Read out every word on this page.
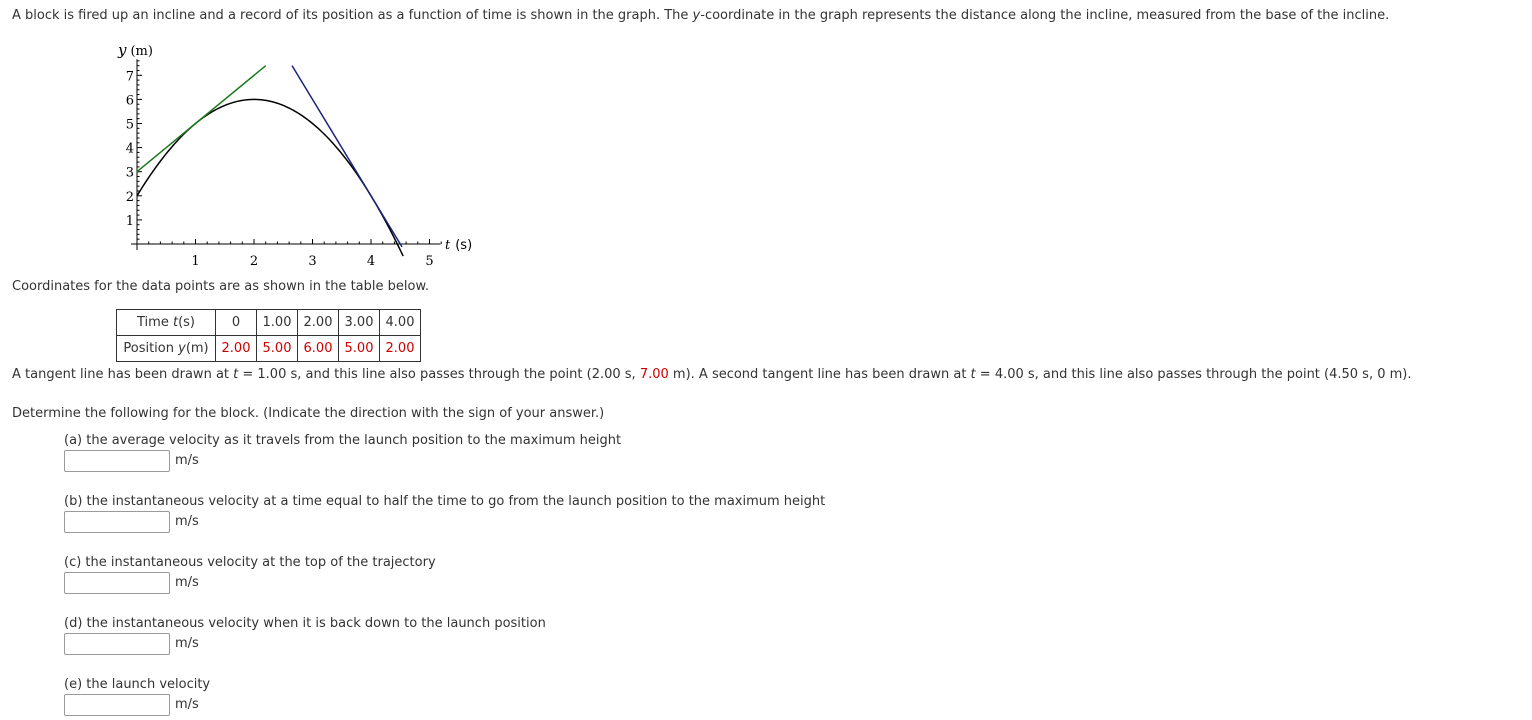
A block is fired up an incline and a record of its position as a function of time is shown in the graph. The y-coordinate in the graph represents the distance along the incline, measured from the base of the incline.
1	2	3	4	5
1
2
3
4
5
6
7
y (m)
t (s)
Coordinates for the data points are as shown in the table below.
Time t(s)	0	1.00	2.00	3.00	4.00
Position y(m)	2.00	5.00	6.00	5.00	2.00
A tangent line has been drawn at t = 1.00 s, and this line also passes through the point (2.00 s, 7.00 m). A second tangent line has been drawn at t = 4.00 s, and this line also passes through the point (4.50 s, 0 m).
Determine the following for the block. (Indicate the direction with the sign of your answer.)
(a) the average velocity as it travels from the launch position to the maximum height
m/s
(b) the instantaneous velocity at a time equal to half the time to go from the launch position to the maximum height
m/s
(c) the instantaneous velocity at the top of the trajectory
m/s
(d) the instantaneous velocity when it is back down to the launch position
m/s
(e) the launch velocity
m/s
